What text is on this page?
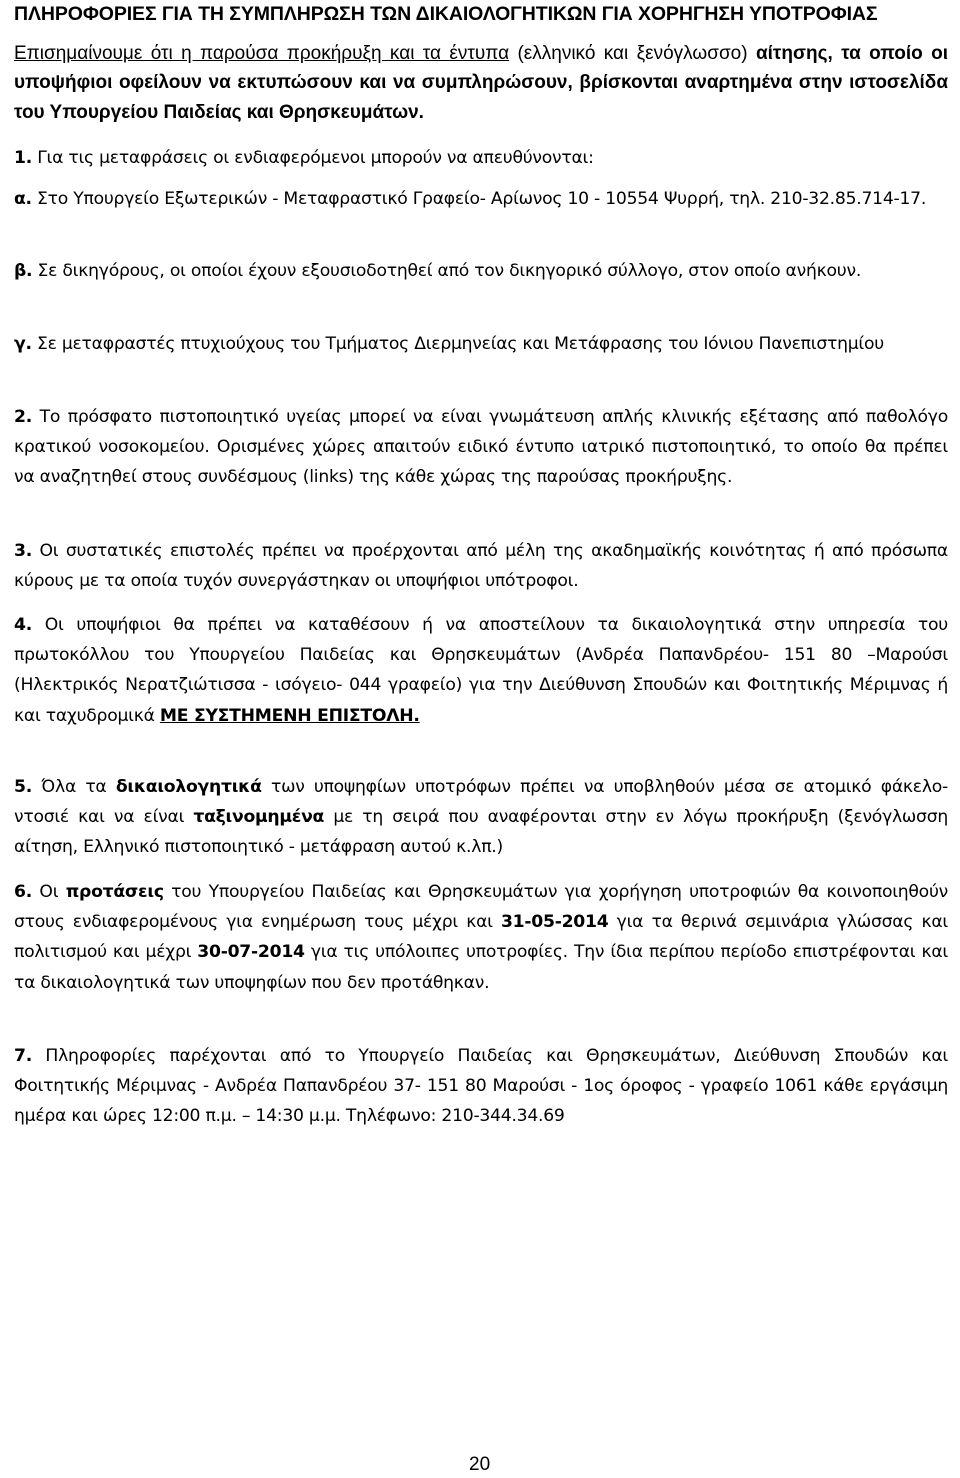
ΠΛΗΡΟΦΟΡΙΕΣ ΓΙΑ ΤΗ ΣΥΜΠΛΗΡΩΣΗ ΤΩΝ ΔΙΚΑΙΟΛΟΓΗΤΙΚΩΝ ΓΙΑ ΧΟΡΗΓΗΣΗ ΥΠΟΤΡΟΦΙΑΣ

Επισημαίνουμε ότι η παρούσα προκήρυξη και τα έντυπα (ελληνικό και ξενόγλωσσο) αίτησης, τα οποίο οι υποψήφιοι οφείλουν να εκτυπώσουν και να συμπληρώσουν, βρίσκονται αναρτημένα στην ιστοσελίδα του Υπουργείου Παιδείας και Θρησκευμάτων.

1. Για τις μεταφράσεις οι ενδιαφερόμενοι μπορούν να απευθύνονται:

α. Στο Υπουργείο Εξωτερικών - Μεταφραστικό Γραφείο- Αρίωνος 10 - 10554 Ψυρρή, τηλ. 210-32.85.714-17.

β. Σε δικηγόρους, οι οποίοι έχουν εξουσιοδοτηθεί από τον δικηγορικό σύλλογο, στον οποίο ανήκουν.

γ. Σε μεταφραστές πτυχιούχους του Τμήματος Διερμηνείας και Μετάφρασης του Ιόνιου Πανεπιστημίου

2. Το πρόσφατο πιστοποιητικό υγείας μπορεί να είναι γνωμάτευση απλής κλινικής εξέτασης από παθολόγο κρατικού νοσοκομείου. Ορισμένες χώρες απαιτούν ειδικό έντυπο ιατρικό πιστοποιητικό, το οποίο θα πρέπει να αναζητηθεί στους συνδέσμους (links) της κάθε χώρας της παρούσας προκήρυξης.

3. Οι συστατικές επιστολές πρέπει να προέρχονται από μέλη της ακαδημαϊκής κοινότητας ή από πρόσωπα κύρους με τα οποία τυχόν συνεργάστηκαν οι υποψήφιοι υπότροφοι.

4. Οι υποψήφιοι θα πρέπει να καταθέσουν ή να αποστείλουν τα δικαιολογητικά στην υπηρεσία του πρωτοκόλλου του Υπουργείου Παιδείας και Θρησκευμάτων (Ανδρέα Παπανδρέου- 151 80 –Μαρούσι (Ηλεκτρικός Νερατζιώτισσα - ισόγειο- 044 γραφείο) για την Διεύθυνση Σπουδών και Φοιτητικής Μέριμνας ή και ταχυδρομικά ΜΕ ΣΥΣΤΗΜΕΝΗ ΕΠΙΣΤΟΛΗ.

5. Όλα τα δικαιολογητικά των υποψηφίων υποτρόφων πρέπει να υποβληθούν μέσα σε ατομικό φάκελο-ντοσιέ και να είναι ταξινομημένα με τη σειρά που αναφέρονται στην εν λόγω προκήρυξη (ξενόγλωσση αίτηση, Ελληνικό πιστοποιητικό - μετάφραση αυτού κ.λπ.)

6. Οι προτάσεις του Υπουργείου Παιδείας και Θρησκευμάτων για χορήγηση υποτροφιών θα κοινοποιηθούν στους ενδιαφερομένους για ενημέρωση τους μέχρι και 31-05-2014 για τα θερινά σεμινάρια γλώσσας και πολιτισμού και μέχρι 30-07-2014 για τις υπόλοιπες υποτροφίες. Την ίδια περίπου περίοδο επιστρέφονται και τα δικαιολογητικά των υποψηφίων που δεν προτάθηκαν.

7. Πληροφορίες παρέχονται από το Υπουργείο Παιδείας και Θρησκευμάτων, Διεύθυνση Σπουδών και Φοιτητικής Μέριμνας - Ανδρέα Παπανδρέου 37- 151 80 Μαρούσι - 1ος όροφος - γραφείο 1061 κάθε εργάσιμη ημέρα και ώρες 12:00 π.μ. – 14:30 μ.μ. Τηλέφωνο: 210-344.34.69

20
